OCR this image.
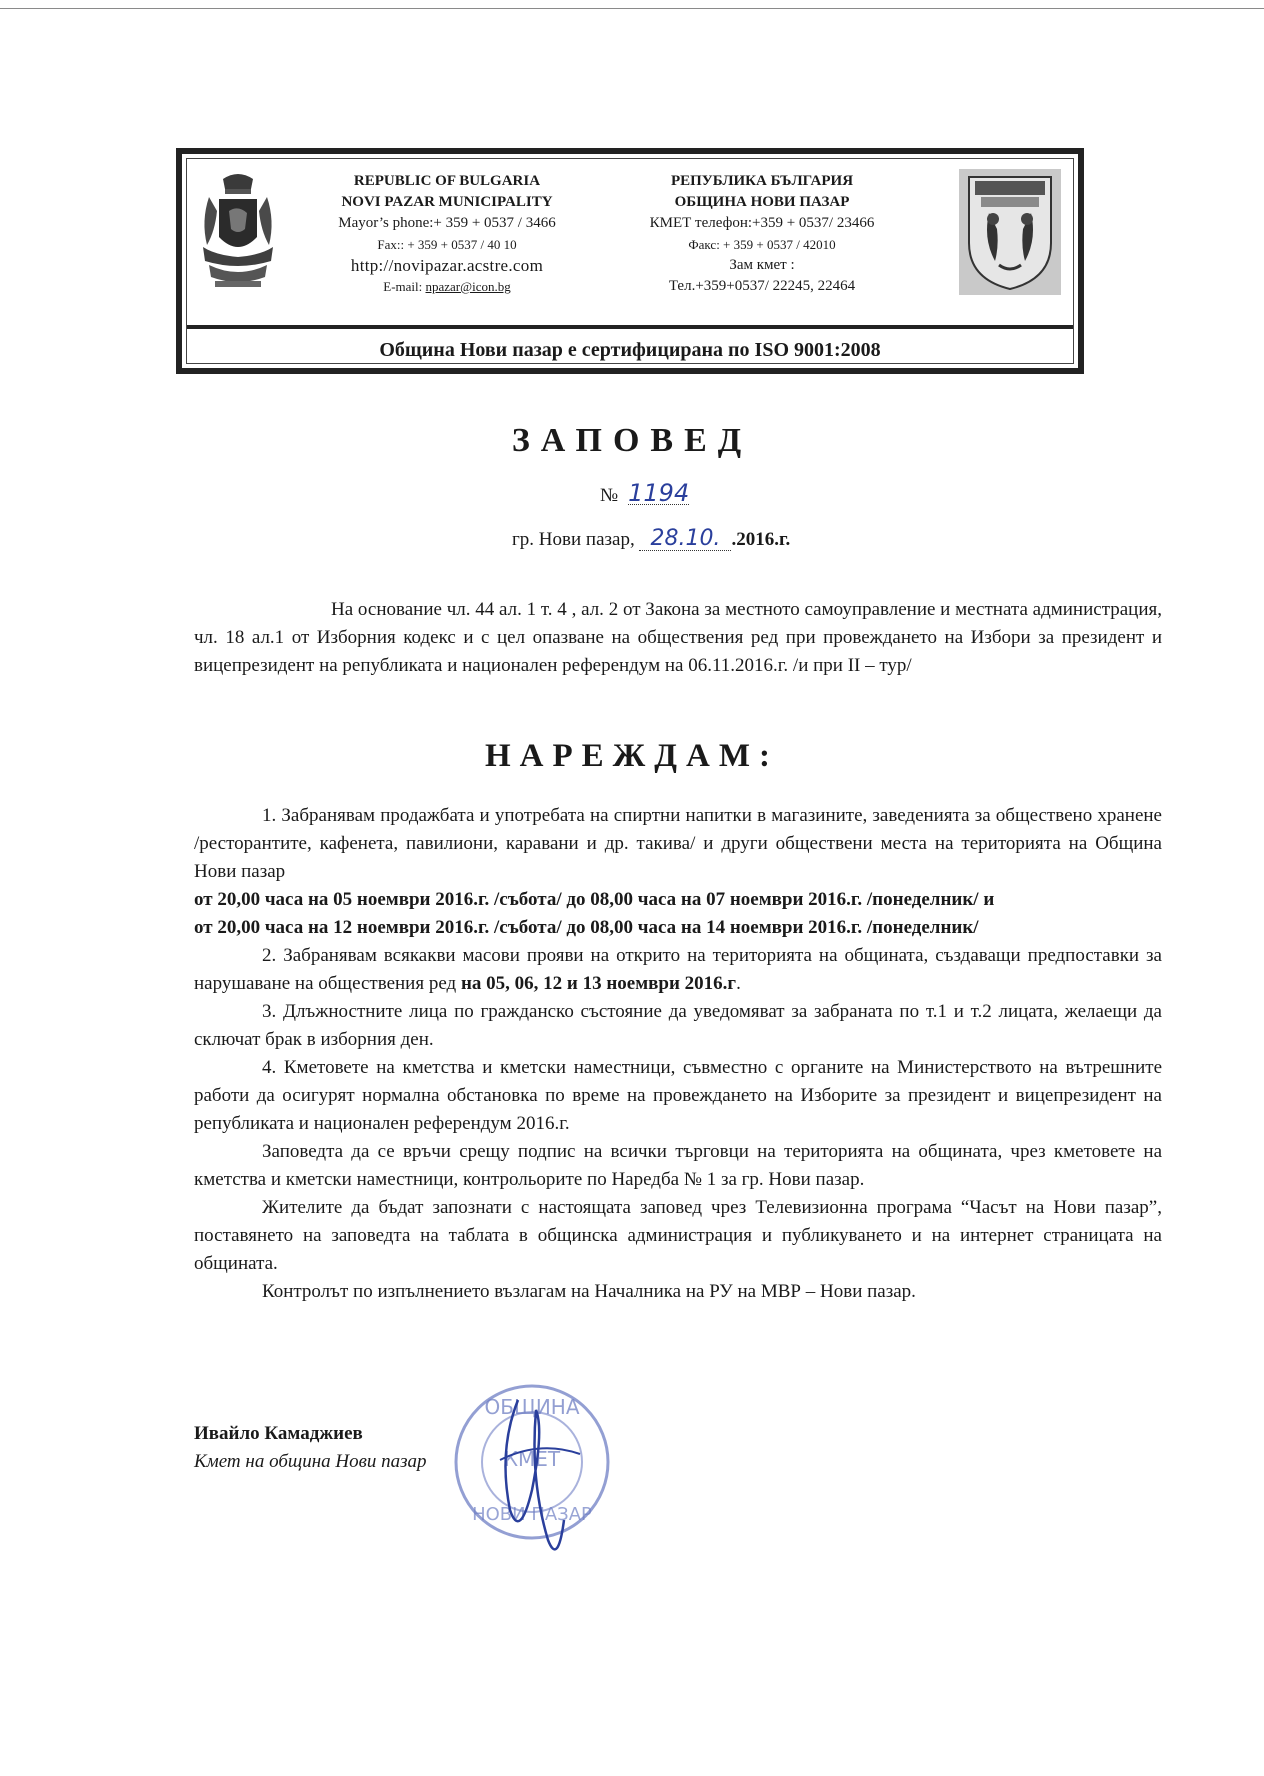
REPUBLIC OF BULGARIA
NOVI PAZAR MUNICIPALITY
Mayor’s phone:+ 359 + 0537 / 3466
Fax:: + 359 + 0537 / 40 10
http://novipazar.acstre.com
E-mail: npazar@icon.bg
РЕПУБЛИКА БЪЛГАРИЯ
ОБЩИНА НОВИ ПАЗАР
КМЕТ телефон:+359 + 0537/ 23466
Факс: + 359 + 0537 / 42010
Зам кмет :
Тел.+359+0537/ 22245, 22464
Община Нови пазар е сертифицирана по ISO 9001:2008
ЗАПОВЕД
№ 1194
гр. Нови пазар, 28.10. .2016.г.
На основание чл. 44 ал. 1 т. 4 , ал. 2 от Закона за местното самоуправление и местната администрация, чл. 18 ал.1 от Изборния кодекс и с цел опазване на обществения ред при провеждането на Избори за президент и вицепрезидент на републиката и национален референдум на 06.11.2016.г. /и при II – тур/
НАРЕЖДАМ:

1. Забранявам продажбата и употребата на спиртни напитки в магазините, заведенията за обществено хранене /ресторантите, кафенета, павилиони, каравани и др. такива/ и други обществени места на територията на Община Нови пазар

от 20,00 часа на 05 ноември 2016.г. /събота/ до 08,00 часа на 07 ноември 2016.г. /понеделник/ и

от 20,00 часа на 12 ноември 2016.г. /събота/ до 08,00 часа на 14 ноември 2016.г. /понеделник/

2. Забранявам всякакви масови прояви на открито на територията на общината, създаващи предпоставки за нарушаване на обществения ред на 05, 06, 12 и 13 ноември 2016.г.

3. Длъжностните лица по гражданско състояние да уведомяват за забраната по т.1 и т.2 лицата, желаещи да сключат брак в изборния ден.

4. Кметовете на кметства и кметски наместници, съвместно с органите на Министерството на вътрешните работи да осигурят нормална обстановка по време на провеждането на Изборите за президент и вицепрезидент на републиката и национален референдум 2016.г.

Заповедта да се връчи срещу подпис на всички търговци на територията на общината, чрез кметовете на кметства и кметски наместници, контрольорите по Наредба № 1 за гр. Нови пазар.

Жителите да бъдат запознати с настоящата заповед чрез Телевизионна програма “Часът на Нови пазар”, поставянето на заповедта на таблата в общинска администрация и публикуването и на интернет страницата на общината.

Контролът по изпълнението възлагам на Началника на РУ на МВР – Нови пазар.

Ивайло Камаджиев
Кмет на община Нови пазар
ОБЩИНА
КМЕТ
НОВИ ПАЗАР
